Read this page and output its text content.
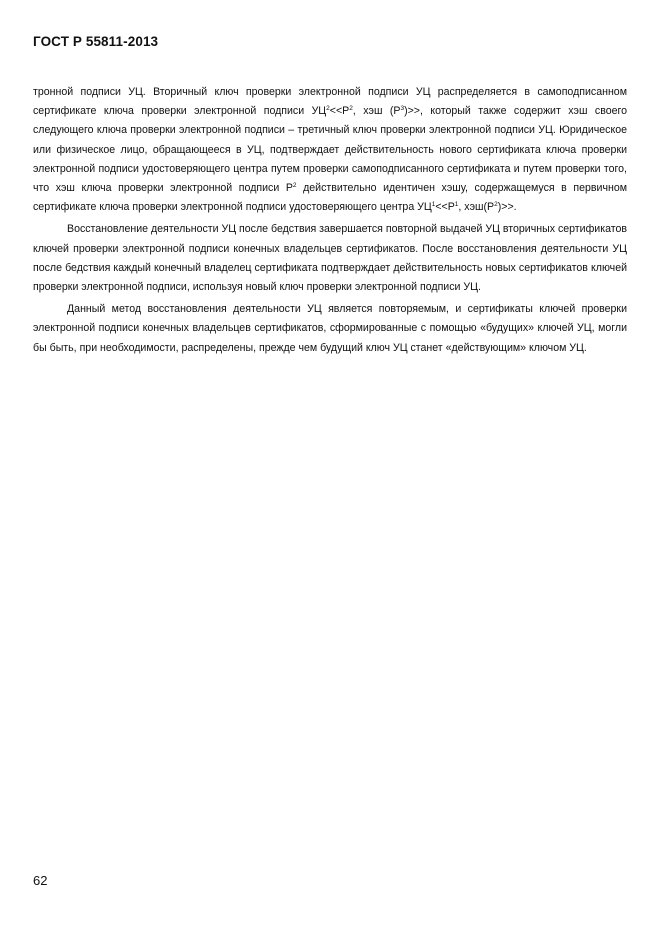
ГОСТ Р 55811-2013

тронной подписи УЦ. Вторичный ключ проверки электронной подписи УЦ распределяется в самоподписанном сертификате ключа проверки электронной подписи $УЦ^2<<P^2$, хэш $(P^3)>>$, который также содержит хэш своего следующего ключа проверки электронной подписи – третичный ключ проверки электронной подписи УЦ. Юридическое или физическое лицо, обращающееся в УЦ, подтверждает действительность нового сертификата ключа проверки электронной подписи удостоверяющего центра путем проверки самоподписанного сертификата и путем проверки того, что хэш ключа проверки электронной подписи $P^2$ действительно идентичен хэшу, содержащемуся в первичном сертификате ключа проверки электронной подписи удостоверяющего центра $УЦ^1<<P^1$, $хэш(P^2)>>$.

Восстановление деятельности УЦ после бедствия завершается повторной выдачей УЦ вторичных сертификатов ключей проверки электронной подписи конечных владельцев сертификатов. После восстановления деятельности УЦ после бедствия каждый конечный владелец сертификата подтверждает действительность новых сертификатов ключей проверки электронной подписи, используя новый ключ проверки электронной подписи УЦ.

Данный метод восстановления деятельности УЦ является повторяемым, и сертификаты ключей проверки электронной подписи конечных владельцев сертификатов, сформированные с помощью «будущих» ключей УЦ, могли бы быть, при необходимости, распределены, прежде чем будущий ключ УЦ станет «действующим» ключом УЦ.

62
